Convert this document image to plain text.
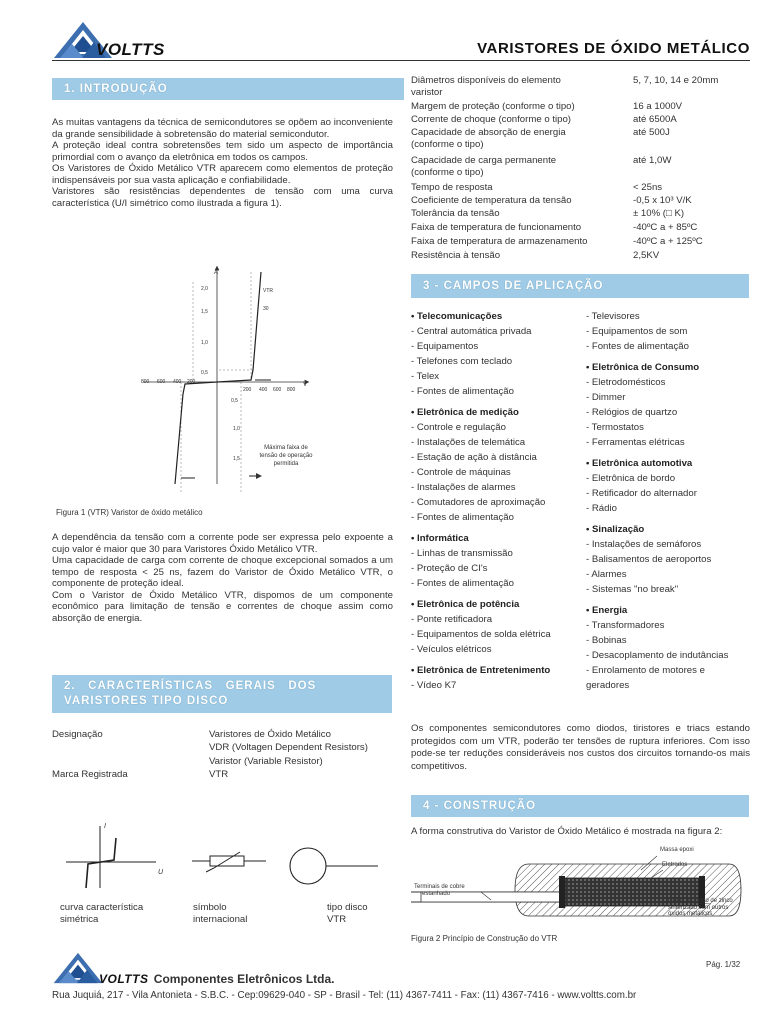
VOLTTS	VARISTORES DE ÓXIDO METÁLICO
1. INTRODUÇÃO
As muitas vantagens da técnica de semicondutores se opõem ao inconveniente da grande sensibilidade à sobretensão do material semicondutor.
A proteção ideal contra sobretensões tem sido um aspecto de importância primordial com o avanço da eletrônica em todos os campos.
Os Varistores de Óxido Metálico VTR aparecem como elementos de proteção indispensáveis por sua vasta aplicação e confiabilidade.
Varistores são resistências dependentes de tensão com uma curva característica (U/I simétrico como ilustrada a figura 1).
A
V
2,0
1,5
1,0
0,5
0,5
1,0
1,5
800 600 400 200
200 400 600 800
VTR
30
Máxima faixa de tensão de operação permitida
Figura 1 (VTR) Varistor de óxido metálico
A dependência da tensão com a corrente pode ser expressa pelo expoente a cujo valor é maior que 30 para Varistores Óxido Metálico VTR.
Uma capacidade de carga com corrente de choque excepcional somados a um tempo de resposta < 25 ns, fazem do Varistor de Óxido Metálico VTR, o componente de proteção ideal.
Com o Varistor de Óxido Metálico VTR, dispomos de um componente econômico para limitação de tensão e correntes de choque assim como absorção de energia.
2.   CARACTERÍSTICAS   GERAIS   DOS
VARISTORES TIPO DISCO
Designação	Varistores de Óxido Metálico
VDR (Voltagen Dependent Resistors)
Varistor (Variable Resistor)
Marca Registrada	VTR
I
U
curva característica
simétrica
símbolo
internacional
tipo disco
VTR
Diâmetros disponíveis do elemento
varistor
5, 7, 10, 14 e 20mm
Margem de proteção (conforme o tipo)	16 a 1000V
Corrente de choque (conforme o tipo)	até 6500A
Capacidade de absorção de energia
(conforme o tipo)
até 500J
Capacidade de carga permanente
(conforme o tipo)
até 1,0W
Tempo de resposta	< 25ns
Coeficiente de temperatura da tensão	-0,5 x 10³ V/K
Tolerância da tensão	± 10% (□ K)
Faixa de temperatura de funcionamento	-40ºC a + 85ºC
Faixa de temperatura de armazenamento	-40ºC a + 125ºC
Resistência à tensão	2,5KV
3 - CAMPOS DE APLICAÇÃO
• Telecomunicações
- Central automática privada
- Equipamentos
- Telefones com teclado
- Telex
- Fontes de alimentação
• Eletrônica de medição
- Controle e regulação
- Instalações de telemática
- Estação de ação à distância
- Controle de máquinas
- Instalações de alarmes
- Comutadores de aproximação
- Fontes de alimentação
• Informática
- Linhas de transmissão
- Proteção de CI's
- Fontes de alimentação
• Eletrônica de potência
- Ponte retificadora
- Equipamentos de solda elétrica
- Veículos elétricos
• Eletrônica de Entretenimento
- Vídeo K7
- Televisores
- Equipamentos de som
- Fontes de alimentação
• Eletrônica de Consumo
- Eletrodomésticos
- Dimmer
- Relógios de quartzo
- Termostatos
- Ferramentas elétricas
• Eletrônica automotiva
- Eletrônica de bordo
- Retificador do alternador
- Rádio
• Sinalização
- Instalações de semáforos
- Balisamentos de aeroportos
- Alarmes
- Sistemas "no break"
• Energia
- Transformadores
- Bobinas
- Desacoplamento de indutâncias
- Enrolamento de motores e
geradores
Os componentes semicondutores como diodos, tiristores e triacs estando protegidos com um VTR, poderão ter tensões de ruptura inferiores. Com isso pode-se ter reduções consideráveis nos custos dos circuitos tornando-os mais competitivos.
4 - CONSTRUÇÃO
A forma construtiva do Varistor de Óxido Metálico é mostrada na figura 2:
Massa epoxi
Eletrodos
Terminais de cobre
estanhado
Grãos de óxido de zinco
sinterizado com outros
óxidos metálicos
Figura 2 Princípio de Construção do VTR
Pág. 1/32
VOLTTS Componentes Eletrônicos Ltda.
Rua Juquiá, 217 - Vila Antonieta - S.B.C. - Cep:09629-040 - SP - Brasil - Tel: (11) 4367-7411 - Fax: (11) 4367-7416 - www.voltts.com.br
